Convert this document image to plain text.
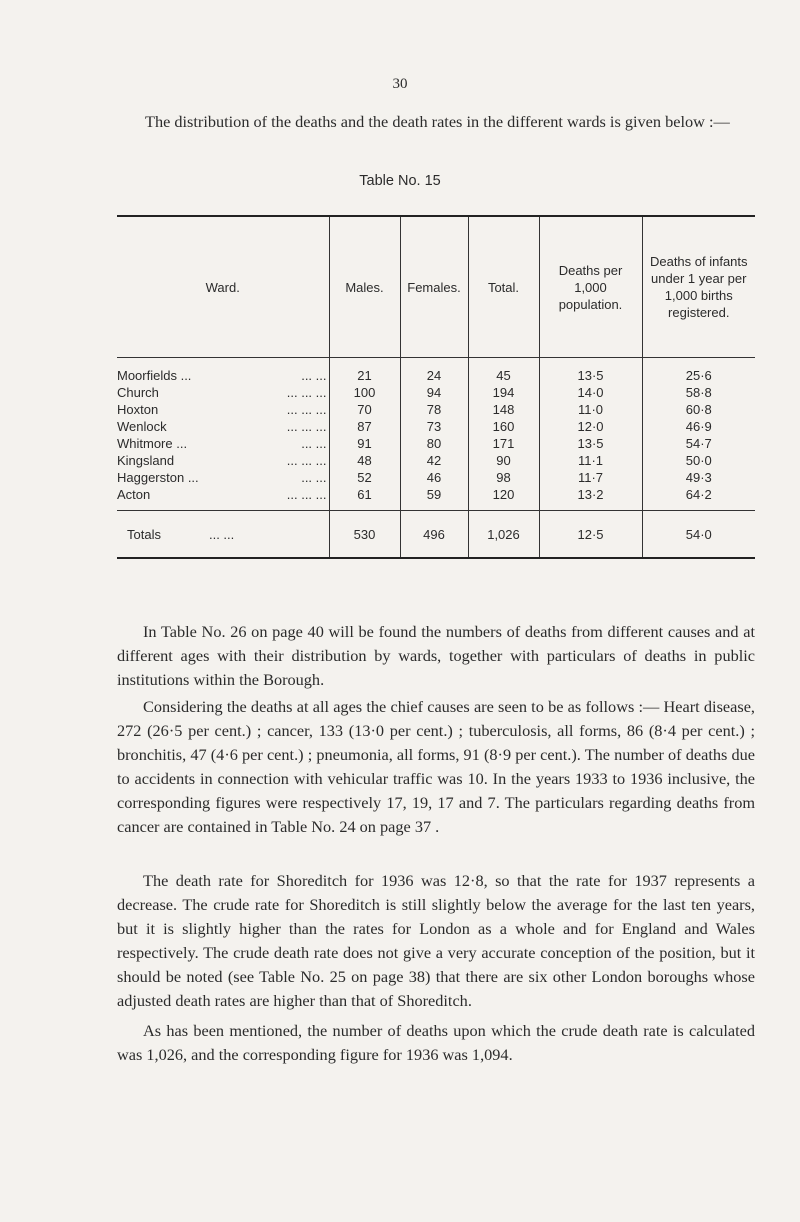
30

The distribution of the deaths and the death rates in the different wards is given below :—

Table No. 15
Ward.	Males.	Females.	Total.	Deaths per 1,000 population.	Deaths of infants under 1 year per 1,000 births registered.
Moorfields ... ... ...	21	24	45	13·5	25·6
Church ... ... ...	100	94	194	14·0	58·8
Hoxton ... ... ...	70	78	148	11·0	60·8
Wenlock ... ... ...	87	73	160	12·0	46·9
Whitmore ... ... ...	91	80	171	13·5	54·7
Kingsland ... ... ...	48	42	90	11·1	50·0
Haggerston ... ... ...	52	46	98	11·7	49·3
Acton ... ... ...	61	59	120	13·2	64·2
Totals ... ...	530	496	1,026	12·5	54·0

In Table No. 26 on page 40 will be found the numbers of deaths from different causes and at different ages with their distribution by wards, together with particulars of deaths in public institutions within the Borough.

Considering the deaths at all ages the chief causes are seen to be as follows :— Heart disease, 272 (26·5 per cent.) ; cancer, 133 (13·0 per cent.) ; tuberculosis, all forms, 86 (8·4 per cent.) ; bronchitis, 47 (4·6 per cent.) ; pneumonia, all forms, 91 (8·9 per cent.). The number of deaths due to accidents in connection with vehicular traffic was 10. In the years 1933 to 1936 inclusive, the corresponding figures were respectively 17, 19, 17 and 7. The particulars regarding deaths from cancer are contained in Table No. 24 on page 37 .

The death rate for Shoreditch for 1936 was 12·8, so that the rate for 1937 represents a decrease. The crude rate for Shoreditch is still slightly below the average for the last ten years, but it is slightly higher than the rates for London as a whole and for England and Wales respectively. The crude death rate does not give a very accurate conception of the position, but it should be noted (see Table No. 25 on page 38) that there are six other London boroughs whose adjusted death rates are higher than that of Shoreditch.

As has been mentioned, the number of deaths upon which the crude death rate is calculated was 1,026, and the corresponding figure for 1936 was 1,094.
